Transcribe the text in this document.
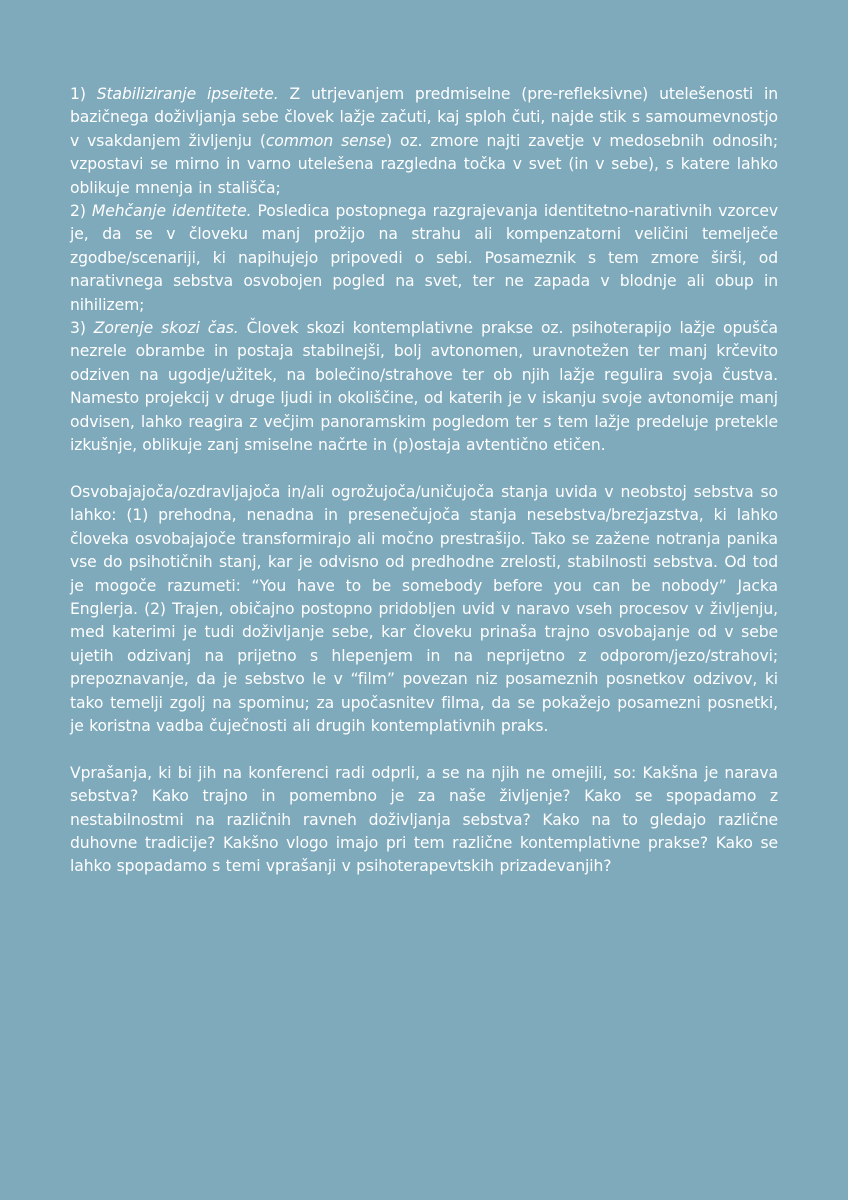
1) Stabiliziranje ipseitete. Z utrjevanjem predmiselne (pre-refleksivne) utelešenosti in bazičnega doživljanja sebe človek lažje začuti, kaj sploh čuti, najde stik s samoumevnostjo v vsakdanjem življenju (common sense) oz. zmore najti zavetje v medosebnih odnosih; vzpostavi se mirno in varno utelešena razgledna točka v svet (in v sebe), s katere lahko oblikuje mnenja in stališča;
2) Mehčanje identitete. Posledica postopnega razgrajevanja identitetno-narativnih vzorcev je, da se v človeku manj prožijo na strahu ali kompenzatorni veličini temelječe zgodbe/scenariji, ki napihujejo pripovedi o sebi. Posameznik s tem zmore širši, od narativnega sebstva osvobojen pogled na svet, ter ne zapada v blodnje ali obup in nihilizem;
3) Zorenje skozi čas. Človek skozi kontemplativne prakse oz. psihoterapijo lažje opušča nezrele obrambe in postaja stabilnejši, bolj avtonomen, uravnotežen ter manj krčevito odziven na ugodje/užitek, na bolečino/strahove ter ob njih lažje regulira svoja čustva. Namesto projekcij v druge ljudi in okoliščine, od katerih je v iskanju svoje avtonomije manj odvisen, lahko reagira z večjim panoramskim pogledom ter s tem lažje predeluje pretekle izkušnje, oblikuje zanj smiselne načrte in (p)ostaja avtentično etičen.

Osvobajajoča/ozdravljajoča in/ali ogrožujoča/uničujoča stanja uvida v neobstoj sebstva so lahko: (1) prehodna, nenadna in presenečujoča stanja nesebstva/brezjazstva, ki lahko človeka osvobajajoče transformirajo ali močno prestrašijo. Tako se zažene notranja panika vse do psihotičnih stanj, kar je odvisno od predhodne zrelosti, stabilnosti sebstva. Od tod je mogoče razumeti: “You have to be somebody before you can be nobody” Jacka Englerja. (2) Trajen, običajno postopno pridobljen uvid v naravo vseh procesov v življenju, med katerimi je tudi doživljanje sebe, kar človeku prinaša trajno osvobajanje od v sebe ujetih odzivanj na prijetno s hlepenjem in na neprijetno z odporom/jezo/strahovi; prepoznavanje, da je sebstvo le v “film” povezan niz posameznih posnetkov odzivov, ki tako temelji zgolj na spominu; za upočasnitev filma, da se pokažejo posamezni posnetki, je koristna vadba čuječnosti ali drugih kontemplativnih praks.

Vprašanja, ki bi jih na konferenci radi odprli, a se na njih ne omejili, so: Kakšna je narava sebstva? Kako trajno in pomembno je za naše življenje? Kako se spopadamo z nestabilnostmi na različnih ravneh doživljanja sebstva? Kako na to gledajo različne duhovne tradicije? Kakšno vlogo imajo pri tem različne kontemplativne prakse? Kako se lahko spopadamo s temi vprašanji v psihoterapevtskih prizadevanjih?
